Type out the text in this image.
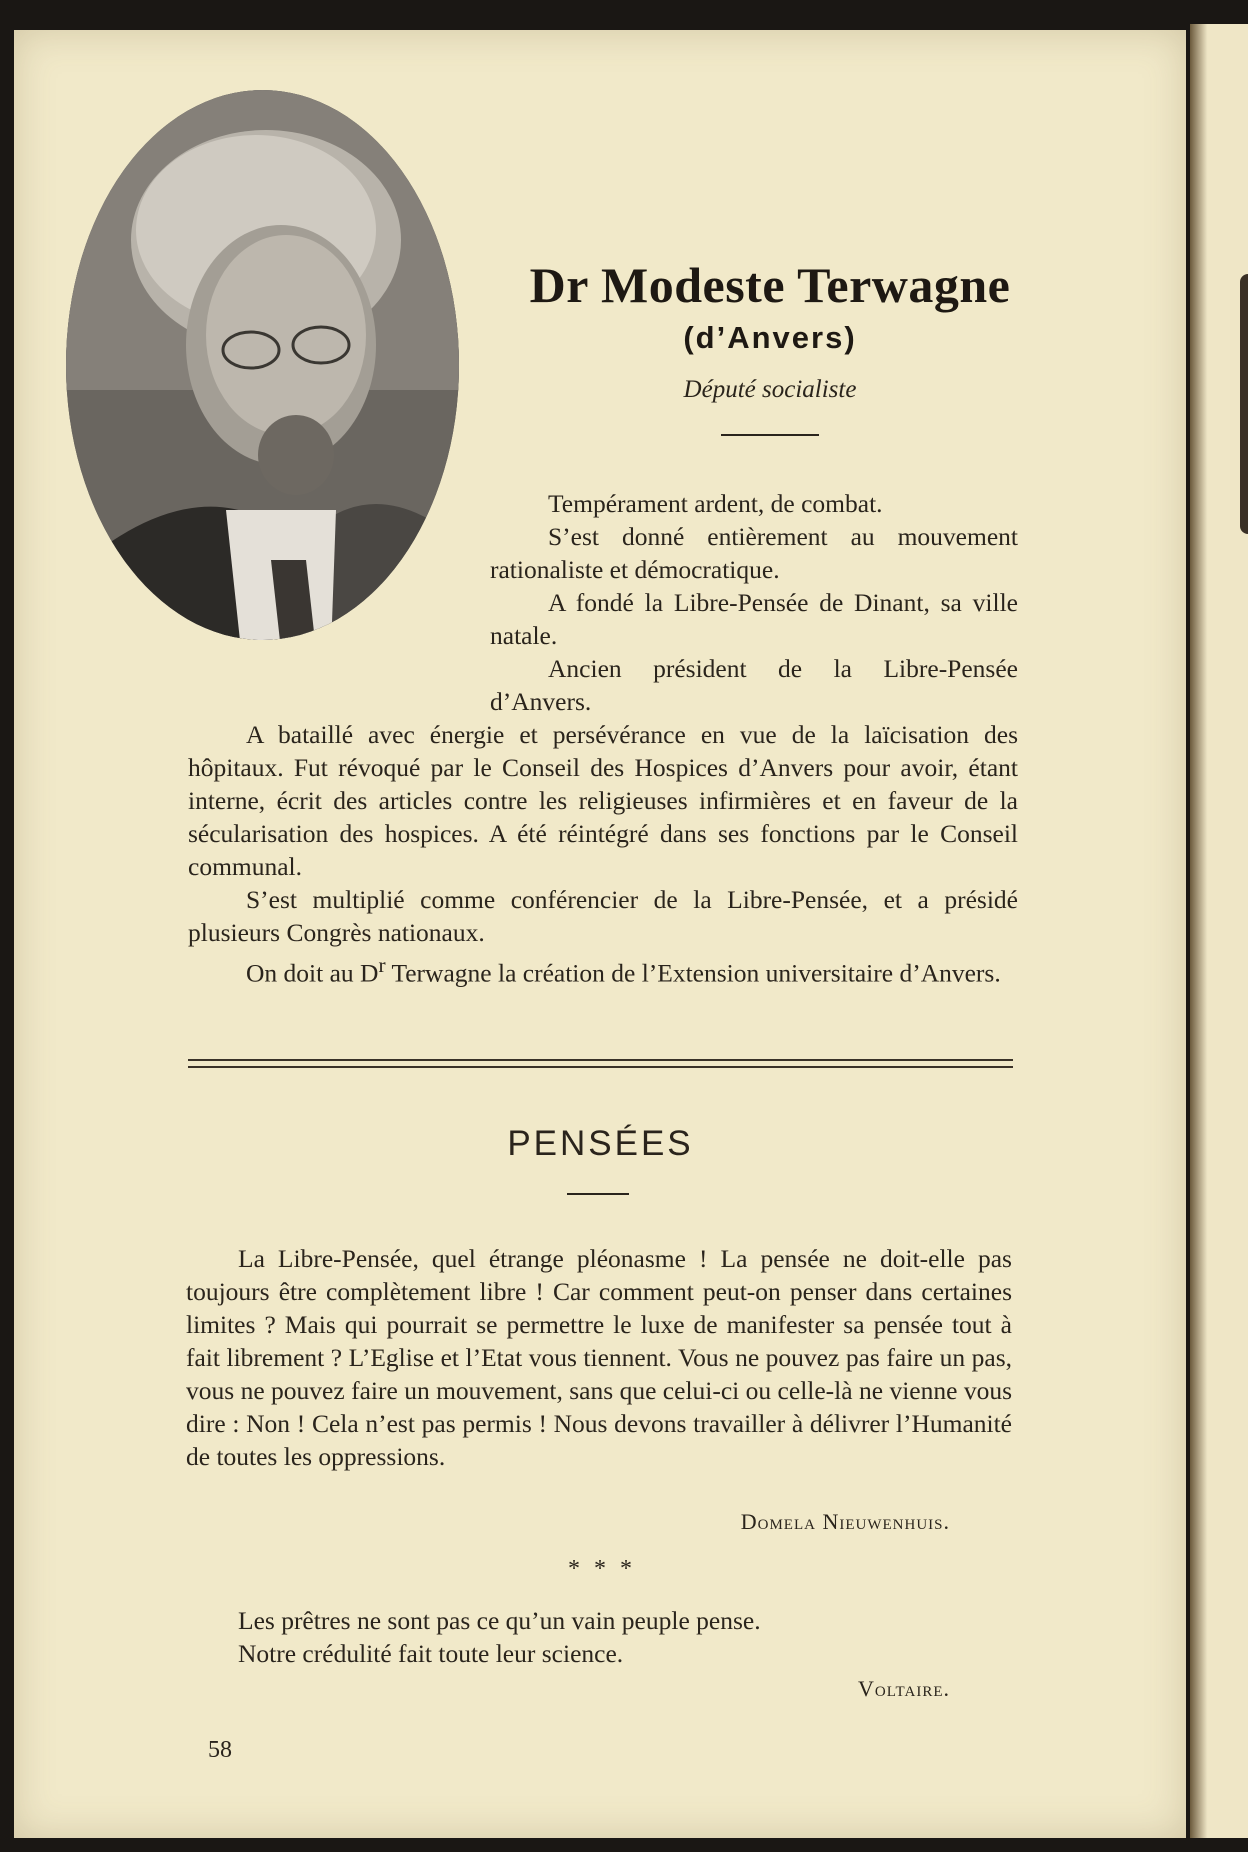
Dr Modeste Terwagne
(d’Anvers)
Député socialiste

Tempérament ardent, de combat.

S’est donné entièrement au mouvement rationaliste et démocratique.

A fondé la Libre-Pensée de Dinant, sa ville natale.

Ancien président de la Libre-Pensée d’Anvers.

A bataillé avec énergie et persévérance en vue de la laïcisation des hôpitaux. Fut révoqué par le Conseil des Hospices d’Anvers pour avoir, étant interne, écrit des articles contre les religieuses infirmières et en faveur de la sécularisation des hospices. A été réintégré dans ses fonctions par le Conseil communal.

S’est multiplié comme conférencier de la Libre-Pensée, et a présidé plusieurs Congrès nationaux.

On doit au $D^r$ Terwagne la création de l’Extension universitaire d’Anvers.

PENSÉES

La Libre-Pensée, quel étrange pléonasme ! La pensée ne doit-elle pas toujours être complètement libre ! Car comment peut-on penser dans certaines limites ? Mais qui pourrait se permettre le luxe de manifester sa pensée tout à fait librement ? L’Eglise et l’Etat vous tiennent. Vous ne pouvez pas faire un pas, vous ne pouvez faire un mouvement, sans que celui-ci ou celle-là ne vienne vous dire : Non ! Cela n’est pas permis ! Nous devons travailler à délivrer l’Humanité de toutes les oppressions.

Domela Nieuwenhuis.
* * *

Les prêtres ne sont pas ce qu’un vain peuple pense.

Notre crédulité fait toute leur science.

Voltaire.
58
